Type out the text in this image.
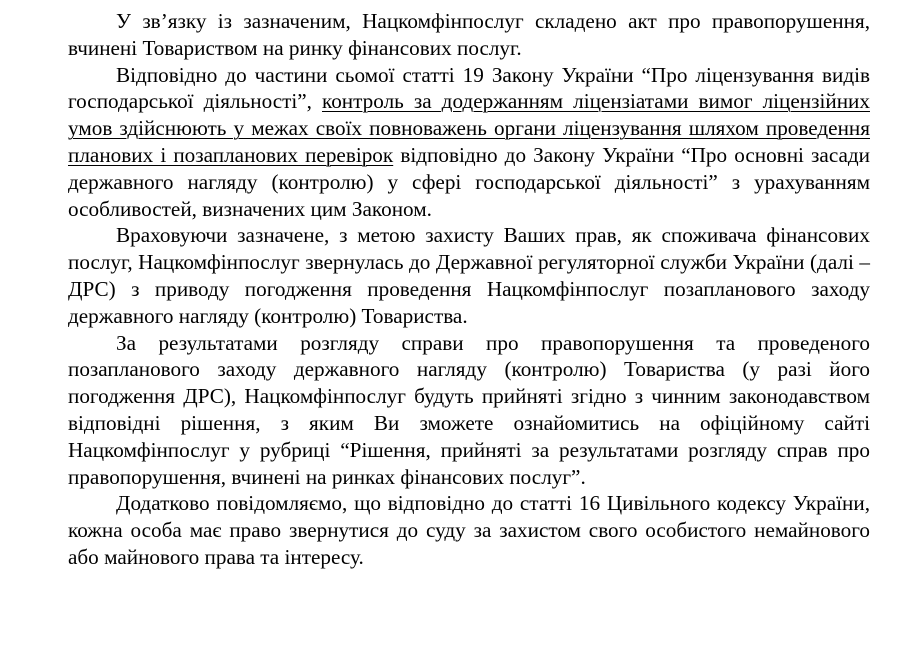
У зв’язку із зазначеним, Нацкомфінпослуг складено акт про правопорушення, вчинені Товариством на ринку фінансових послуг.

Відповідно до частини сьомої статті 19 Закону України “Про ліцензування видів господарської діяльності”, контроль за додержанням ліцензіатами вимог ліцензійних умов здійснюють у межах своїх повноважень органи ліцензування шляхом проведення планових і позапланових перевірок відповідно до Закону України “Про основні засади державного нагляду (контролю) у сфері господарської діяльності” з урахуванням особливостей, визначених цим Законом.

Враховуючи зазначене, з метою захисту Ваших прав, як споживача фінансових послуг, Нацкомфінпослуг звернулась до Державної регуляторної служби України (далі – ДРС) з приводу погодження проведення Нацкомфінпослуг позапланового заходу державного нагляду (контролю) Товариства.

За результатами розгляду справи про правопорушення та проведеного позапланового заходу державного нагляду (контролю) Товариства (у разі його погодження ДРС), Нацкомфінпослуг будуть прийняті згідно з чинним законодавством відповідні рішення, з яким Ви зможете ознайомитись на офіційному сайті Нацкомфінпослуг у рубриці “Рішення, прийняті за результатами розгляду справ про правопорушення, вчинені на ринках фінансових послуг”.

Додатково повідомляємо, що відповідно до статті 16 Цивільного кодексу України, кожна особа має право звернутися до суду за захистом свого особистого немайнового або майнового права та інтересу.
